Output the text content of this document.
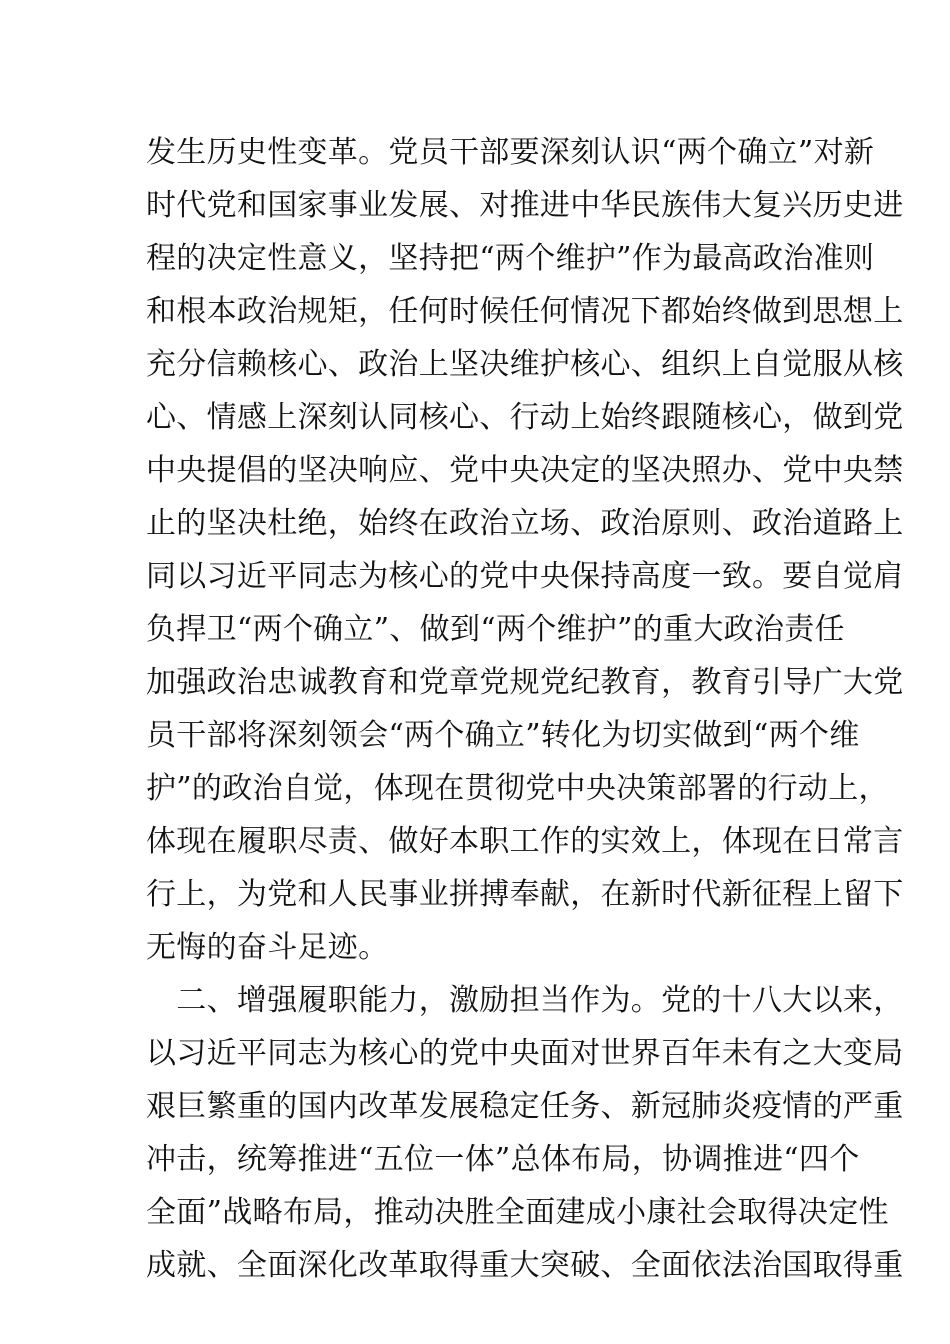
发生历史性变革。党员干部要深刻认识“两个确立”对新
时代党和国家事业发展、对推进中华民族伟大复兴历史进
程的决定性意义，坚持把“两个维护”作为最高政治准则
和根本政治规矩，任何时候任何情况下都始终做到思想上
充分信赖核心、政治上坚决维护核心、组织上自觉服从核
心、情感上深刻认同核心、行动上始终跟随核心，做到党
中央提倡的坚决响应、党中央决定的坚决照办、党中央禁
止的坚决杜绝，始终在政治立场、政治原则、政治道路上
同以习近平同志为核心的党中央保持高度一致。要自觉肩
负捍卫“两个确立”、做到“两个维护”的重大政治责任
加强政治忠诚教育和党章党规党纪教育，教育引导广大党
员干部将深刻领会“两个确立”转化为切实做到“两个维
护”的政治自觉，体现在贯彻党中央决策部署的行动上，
体现在履职尽责、做好本职工作的实效上，体现在日常言
行上，为党和人民事业拼搏奉献，在新时代新征程上留下
无悔的奋斗足迹。
　二、增强履职能力，激励担当作为。党的十八大以来，
以习近平同志为核心的党中央面对世界百年未有之大变局
艰巨繁重的国内改革发展稳定任务、新冠肺炎疫情的严重
冲击，统筹推进“五位一体”总体布局，协调推进“四个
全面”战略布局，推动决胜全面建成小康社会取得决定性
成就、全面深化改革取得重大突破、全面依法治国取得重
